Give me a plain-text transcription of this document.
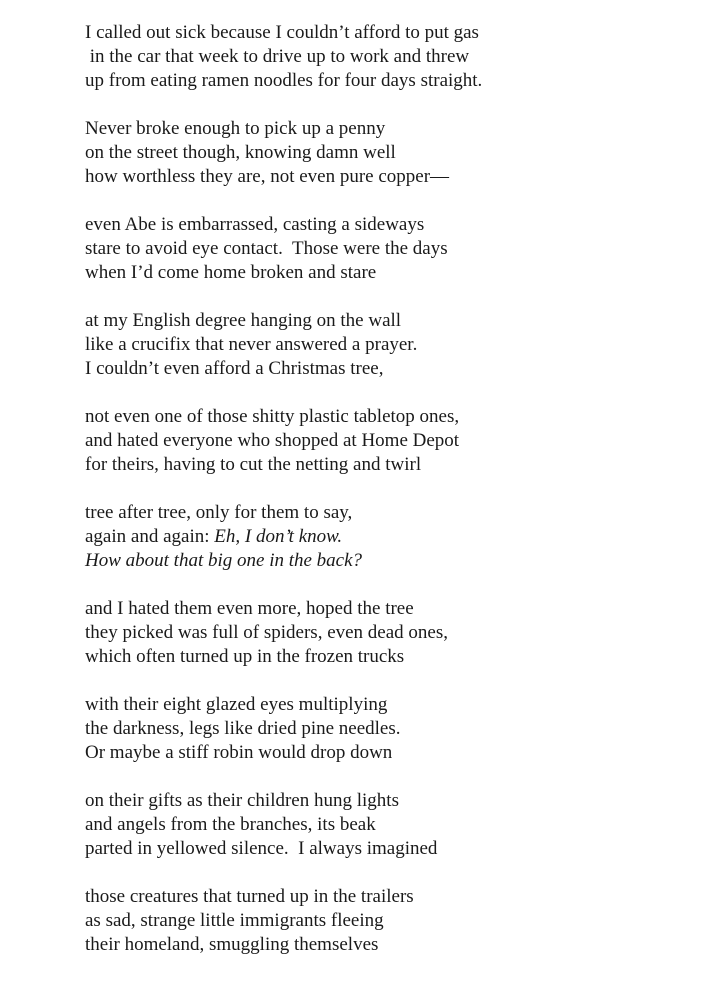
I called out sick because I couldn’t afford to put gas
in the car that week to drive up to work and threw
up from eating ramen noodles for four days straight.
Never broke enough to pick up a penny
on the street though, knowing damn well
how worthless they are, not even pure copper—
even Abe is embarrassed, casting a sideways
stare to avoid eye contact.  Those were the days
when I’d come home broken and stare
at my English degree hanging on the wall
like a crucifix that never answered a prayer.
I couldn’t even afford a Christmas tree,
not even one of those shitty plastic tabletop ones,
and hated everyone who shopped at Home Depot
for theirs, having to cut the netting and twirl
tree after tree, only for them to say,
again and again: Eh, I don’t know.
How about that big one in the back?
and I hated them even more, hoped the tree
they picked was full of spiders, even dead ones,
which often turned up in the frozen trucks
with their eight glazed eyes multiplying
the darkness, legs like dried pine needles.
Or maybe a stiff robin would drop down
on their gifts as their children hung lights
and angels from the branches, its beak
parted in yellowed silence.  I always imagined
those creatures that turned up in the trailers
as sad, strange little immigrants fleeing
their homeland, smuggling themselves
